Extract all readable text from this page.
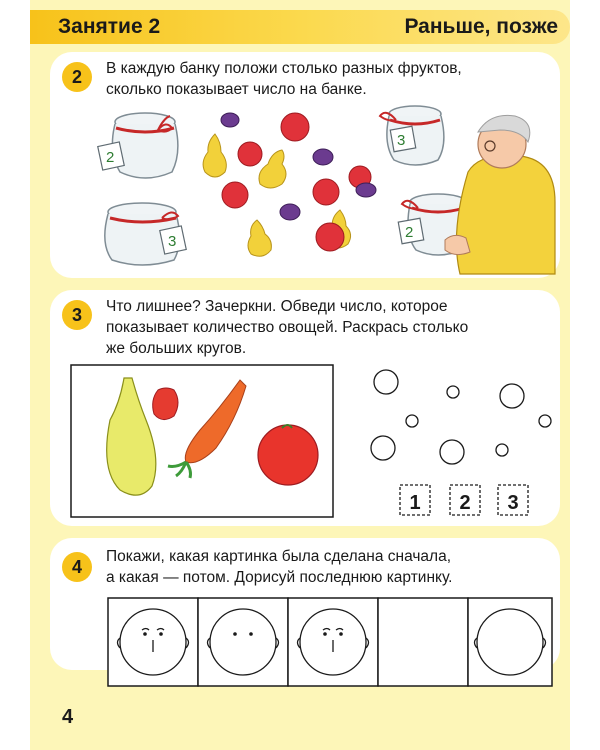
Занятие 2	Раньше, позже
2	В каждую банку положи столько разных фруктов,
сколько показывает число на банке.
2
3
3
2
3	Что лишнее? Зачеркни. Обведи число, которое
показывает количество овощей. Раскрась столько
же больших кругов.
1 2 3
4
Покажи, какая картинка была сделана сначала,
а какая — потом. Дорисуй последнюю картинку.
4
